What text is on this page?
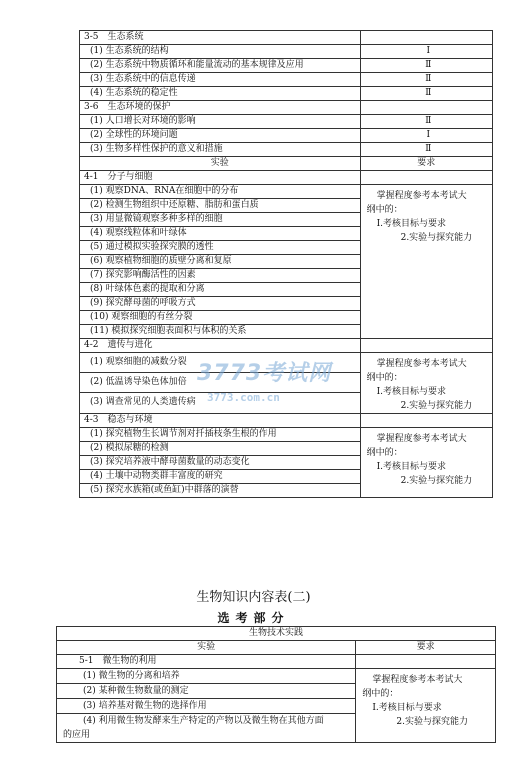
3-5　生态系统	
(1) 生态系统的结构	Ⅰ
(2) 生态系统中物质循环和能量流动的基本规律及应用	Ⅱ
(3) 生态系统中的信息传递	Ⅱ
(4) 生态系统的稳定性	Ⅱ
3-6　生态环境的保护	
(1) 人口增长对环境的影响	Ⅱ
(2) 全球性的环境问题	Ⅰ
(3) 生物多样性保护的意义和措施	Ⅱ
实验	要求
4-1　分子与细胞	
(1) 观察DNA、RNA在细胞中的分布	掌握程度参考本考试大
纲中的：
Ⅰ.考核目标与要求
2.实验与探究能力

(2) 检测生物组织中还原糖、脂肪和蛋白质	
(3) 用显微镜观察多种多样的细胞	
(4) 观察线粒体和叶绿体	
(5) 通过模拟实验探究膜的透性	
(6) 观察植物细胞的质壁分离和复原	
(7) 探究影响酶活性的因素	
(8) 叶绿体色素的提取和分离	
(9) 探究酵母菌的呼吸方式	
(10) 观察细胞的有丝分裂	
(11) 模拟探究细胞表面积与体积的关系	
4-2　遗传与进化	
(1) 观察细胞的减数分裂	掌握程度参考本考试大
纲中的：
Ⅰ.考核目标与要求
2.实验与探究能力

(2) 低温诱导染色体加倍	
(3) 调查常见的人类遗传病	
4-3　稳态与环境	
(1) 探究植物生长调节剂对扦插枝条生根的作用	掌握程度参考本考试大
纲中的：
Ⅰ.考核目标与要求
2.实验与探究能力

(2) 模拟尿糖的检测	
(3) 探究培养液中酵母菌数量的动态变化	
(4) 土壤中动物类群丰富度的研究	
(5) 探究水族箱(或鱼缸)中群落的演替	
3773考试网
3773.com.cn
生物知识内容表(二)
选考部分
生物技术实践	
实验	要求
5-1　微生物的利用	
(1) 微生物的分离和培养	掌握程度参考本考试大
纲中的：
Ⅰ.考核目标与要求
2.实验与探究能力

(2) 某种微生物数量的测定	
(3) 培养基对微生物的选择作用	

(4) 利用微生物发酵来生产特定的产物以及微生物在其他方面
的应用	
